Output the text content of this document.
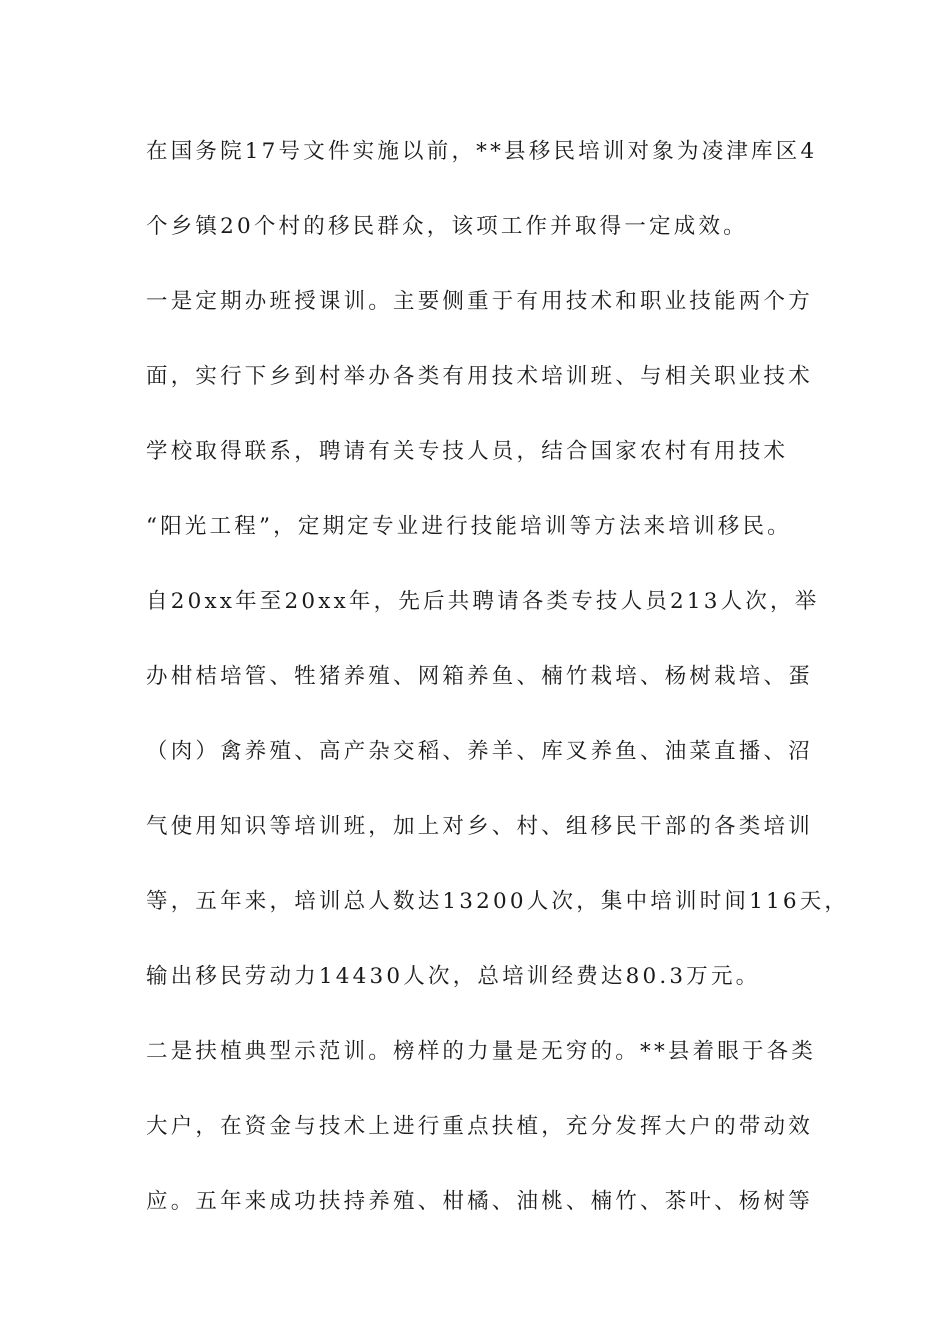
在国务院17号文件实施以前，**县移民培训对象为凌津库区4
个乡镇20个村的移民群众，该项工作并取得一定成效。
一是定期办班授课训。主要侧重于有用技术和职业技能两个方
面，实行下乡到村举办各类有用技术培训班、与相关职业技术
学校取得联系，聘请有关专技人员，结合国家农村有用技术
“阳光工程”，定期定专业进行技能培训等方法来培训移民。
自20xx年至20xx年，先后共聘请各类专技人员213人次，举
办柑桔培管、牲猪养殖、网箱养鱼、楠竹栽培、杨树栽培、蛋
（肉）禽养殖、高产杂交稻、养羊、库叉养鱼、油菜直播、沼
气使用知识等培训班，加上对乡、村、组移民干部的各类培训
等，五年来，培训总人数达13200人次，集中培训时间116天，
输出移民劳动力14430人次，总培训经费达80.3万元。
二是扶植典型示范训。榜样的力量是无穷的。**县着眼于各类
大户，在资金与技术上进行重点扶植，充分发挥大户的带动效
应。五年来成功扶持养殖、柑橘、油桃、楠竹、茶叶、杨树等
